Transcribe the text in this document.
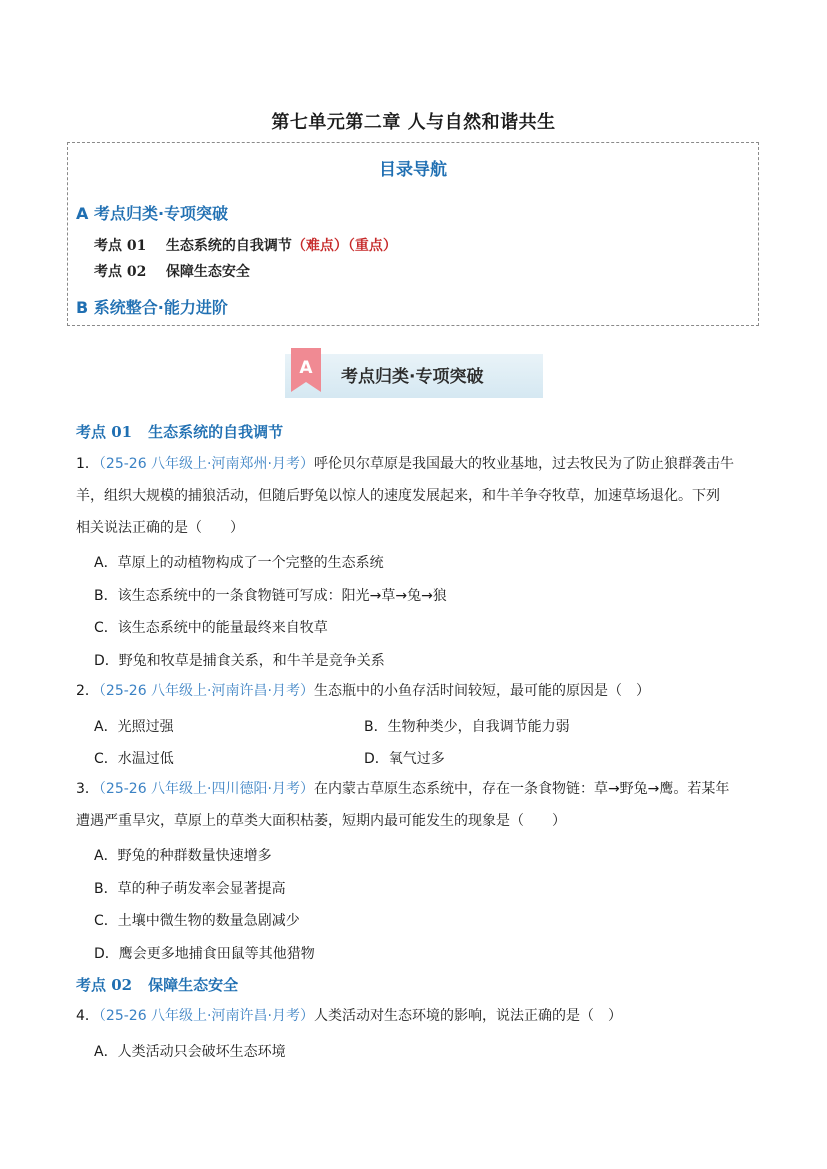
第七单元第二章 人与自然和谐共生
目录导航
A 考点归类·专项突破
考点 01 生态系统的自我调节（难点）（重点）
考点 02 保障生态安全
B 系统整合·能力进阶
A 考点归类·专项突破
考点 01 生态系统的自我调节
1．（25-26 八年级上·河南郑州·月考）呼伦贝尔草原是我国最大的牧业基地，过去牧民为了防止狼群袭击牛
羊，组织大规模的捕狼活动，但随后野兔以惊人的速度发展起来，和牛羊争夺牧草，加速草场退化。下列
相关说法正确的是（　　）
A．草原上的动植物构成了一个完整的生态系统
B．该生态系统中的一条食物链可写成：阳光→草→兔→狼
C．该生态系统中的能量最终来自牧草
D．野兔和牧草是捕食关系，和牛羊是竞争关系
2．（25-26 八年级上·河南许昌·月考）生态瓶中的小鱼存活时间较短，最可能的原因是（　）
A．光照过强	B．生物种类少，自我调节能力弱
C．水温过低	D．氧气过多
3．（25-26 八年级上·四川德阳·月考）在内蒙古草原生态系统中，存在一条食物链：草→野兔→鹰。若某年
遭遇严重旱灾，草原上的草类大面积枯萎，短期内最可能发生的现象是（　　）
A．野兔的种群数量快速增多
B．草的种子萌发率会显著提高
C．土壤中微生物的数量急剧减少
D．鹰会更多地捕食田鼠等其他猎物
考点 02 保障生态安全
4．（25-26 八年级上·河南许昌·月考）人类活动对生态环境的影响，说法正确的是（　）
A．人类活动只会破坏生态环境
